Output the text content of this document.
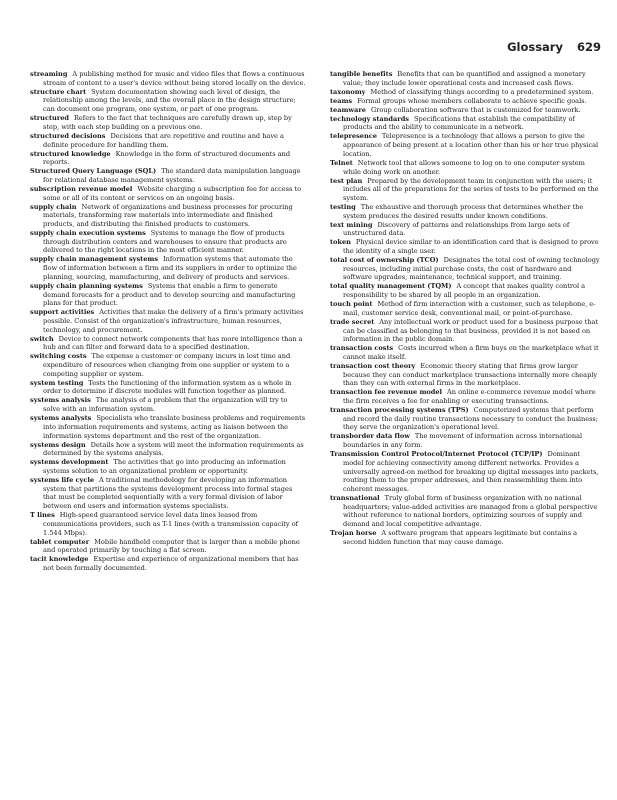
Glossary 629

streaming A publishing method for music and video files that flows a continuous stream of content to a user's device without being stored locally on the device.

structure chart System documentation showing each level of design, the relationship among the levels, and the overall place in the design structure; can document one program, one system, or part of one program.

structured Refers to the fact that techniques are carefully drawn up, step by step, with each step building on a previous one.

structured decisions Decisions that are repetitive and routine and have a definite procedure for handling them.

structured knowledge Knowledge in the form of structured documents and reports.

Structured Query Language (SQL) The standard data manipulation language for relational database management systems.

subscription revenue model Website charging a subscription fee for access to some or all of its content or services on an ongoing basis.

supply chain Network of organizations and business processes for procuring materials, transforming raw materials into intermediate and finished products, and distributing the finished products to customers.

supply chain execution systems Systems to manage the flow of products through distribution centers and warehouses to ensure that products are delivered to the right locations in the most efficient manner.

supply chain management systems Information systems that automate the flow of information between a firm and its suppliers in order to optimize the planning, sourcing, manufacturing, and delivery of products and services.

supply chain planning systems Systems that enable a firm to generate demand forecasts for a product and to develop sourcing and manufacturing plans for that product.

support activities Activities that make the delivery of a firm's primary activities possible. Consist of the organization's infrastructure, human resources, technology, and procurement.

switch Device to connect network components that has more intelligence than a hub and can filter and forward data to a specified destination.

switching costs The expense a customer or company incurs in lost time and expenditure of resources when changing from one supplier or system to a competing supplier or system.

system testing Tests the functioning of the information system as a whole in order to determine if discrete modules will function together as planned.

systems analysis The analysis of a problem that the organization will try to solve with an information system.

systems analysts Specialists who translate business problems and requirements into information requirements and systems, acting as liaison between the information systems department and the rest of the organization.

systems design Details how a system will meet the information requirements as determined by the systems analysis.

systems development The activities that go into producing an information systems solution to an organizational problem or opportunity.

systems life cycle A traditional methodology for developing an information system that partitions the systems development process into formal stages that must be completed sequentially with a very formal division of labor between end users and information systems specialists.

T lines High-speed guaranteed service level data lines leased from communications providers, such as T-1 lines (with a transmission capacity of 1.544 Mbps).

tablet computer Mobile handheld computer that is larger than a mobile phone and operated primarily by touching a flat screen.

tacit knowledge Expertise and experience of organizational members that has not been formally documented.

tangible benefits Benefits that can be quantified and assigned a monetary value; they include lower operational costs and increased cash flows.

taxonomy Method of classifying things according to a predetermined system.

teams Formal groups whose members collaborate to achieve specific goals.

teamware Group collaboration software that is customized for teamwork.

technology standards Specifications that establish the compatibility of products and the ability to communicate in a network.

telepresence Telepresence is a technology that allows a person to give the appearance of being present at a location other than his or her true physical location.

Telnet Network tool that allows someone to log on to one computer system while doing work on another.

test plan Prepared by the development team in conjunction with the users; it includes all of the preparations for the series of tests to be performed on the system.

testing The exhaustive and thorough process that determines whether the system produces the desired results under known conditions.

text mining Discovery of patterns and relationships from large sets of unstructured data.

token Physical device similar to an identification card that is designed to prove the identity of a single user.

total cost of ownership (TCO) Designates the total cost of owning technology resources, including initial purchase costs, the cost of hardware and software upgrades, maintenance, technical support, and training.

total quality management (TQM) A concept that makes quality control a responsibility to be shared by all people in an organization.

touch point Method of firm interaction with a customer, such as telephone, e-mail, customer service desk, conventional mail, or point-of-purchase.

trade secret Any intellectual work or product used for a business purpose that can be classified as belonging to that business, provided it is not based on information in the public domain.

transaction costs Costs incurred when a firm buys on the marketplace what it cannot make itself.

transaction cost theory Economic theory stating that firms grow larger because they can conduct marketplace transactions internally more cheaply than they can with external firms in the marketplace.

transaction fee revenue model An online e-commerce revenue model where the firm receives a fee for enabling or executing transactions.

transaction processing systems (TPS) Computerized systems that perform and record the daily routine transactions necessary to conduct the business; they serve the organization's operational level.

transborder data flow The movement of information across international boundaries in any form.

Transmission Control Protocol/Internet Protocol (TCP/IP) Dominant model for achieving connectivity among different networks. Provides a universally agreed-on method for breaking up digital messages into packets, routing them to the proper addresses, and then reassembling them into coherent messages.

transnational Truly global form of business organization with no national headquarters; value-added activities are managed from a global perspective without reference to national borders, optimizing sources of supply and demand and local competitive advantage.

Trojan horse A software program that appears legitimate but contains a second hidden function that may cause damage.
